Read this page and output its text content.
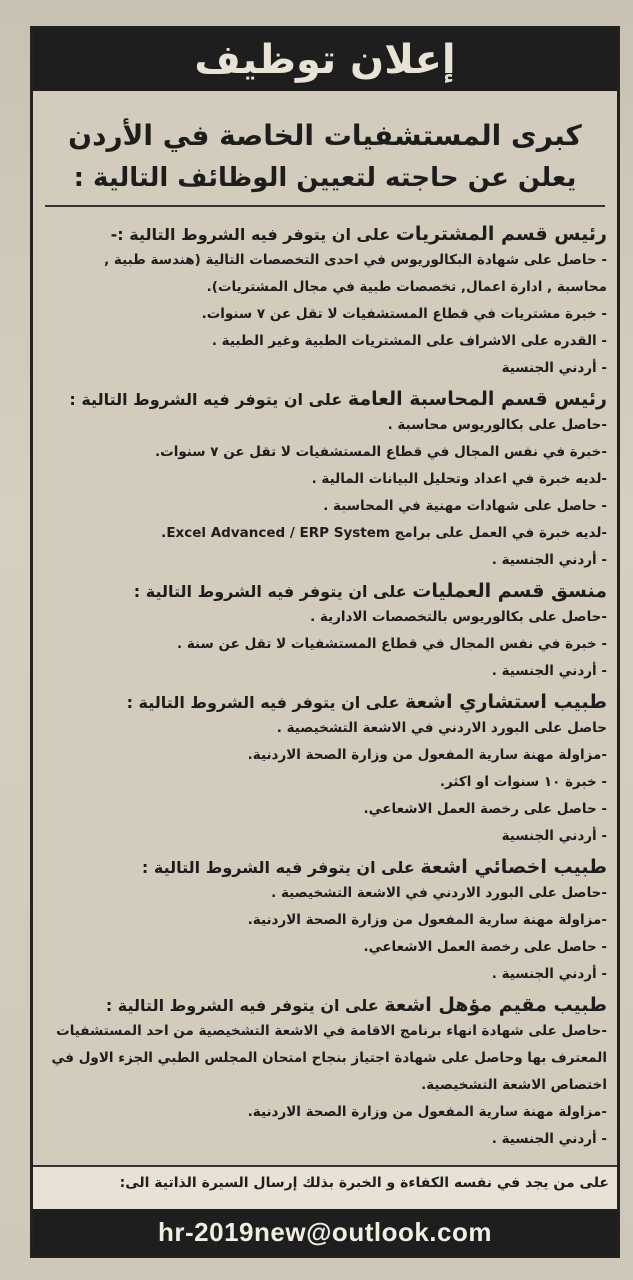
إعلان توظيف
كبرى المستشفيات الخاصة في الأردن
يعلن عن حاجته لتعيين الوظائف التالية :
رئيس قسم المشتريات على ان يتوفر فيه الشروط التالية :-
- حاصل على شهادة البكالوريوس في احدى التخصصات التالية (هندسة طبية ,
محاسبة , ادارة اعمال, تخصصات طبية في مجال المشتريات).
- خبرة مشتريات في قطاع المستشفيات لا تقل عن ٧ سنوات.
- القدره على الاشراف على المشتريات الطبية وغير الطبية .
- أردني الجنسية
رئيس قسم المحاسبة العامة على ان يتوفر فيه الشروط التالية :
-حاصل على بكالوريوس محاسبة .
-خبرة في نفس المجال في قطاع المستشفيات لا تقل عن ٧ سنوات.
-لديه خبرة في اعداد وتحليل البيانات المالية .
- حاصل على شهادات مهنية في المحاسبة .
-لديه خبرة في العمل على برامج Excel Advanced / ERP System.
- أردني الجنسية .
منسق قسم العمليات على ان يتوفر فيه الشروط التالية :
-حاصل على بكالوريوس بالتخصصات الادارية .
- خبرة في نفس المجال في قطاع المستشفيات لا تقل عن سنة .
- أردني الجنسية .
طبيب استشاري اشعة على ان يتوفر فيه الشروط التالية :
حاصل على البورد الاردني في الاشعة التشخيصية .
-مزاولة مهنة سارية المفعول من وزارة الصحة الاردنية.
- خبرة ١٠ سنوات او اكثر.
- حاصل على رخصة العمل الاشعاعي.
- أردني الجنسية
طبيب اخصائي اشعة على ان يتوفر فيه الشروط التالية :
-حاصل على البورد الاردني في الاشعة التشخيصية .
-مزاولة مهنة سارية المفعول من وزارة الصحة الاردنية.
- حاصل على رخصة العمل الاشعاعي.
- أردني الجنسية .
طبيب مقيم مؤهل اشعة على ان يتوفر فيه الشروط التالية :
-حاصل على شهادة انهاء برنامج الاقامة في الاشعة التشخيصية من احد المستشفيات
المعترف بها وحاصل على شهادة اجتياز بنجاح امتحان المجلس الطبي الجزء الاول في
اختصاص الاشعة التشخيصية.
-مزاولة مهنة سارية المفعول من وزارة الصحة الاردنية.
- أردني الجنسية .
على من يجد في نفسه الكفاءة و الخبرة بذلك إرسال السيرة الذاتية الى:
hr-2019new@outlook.com
